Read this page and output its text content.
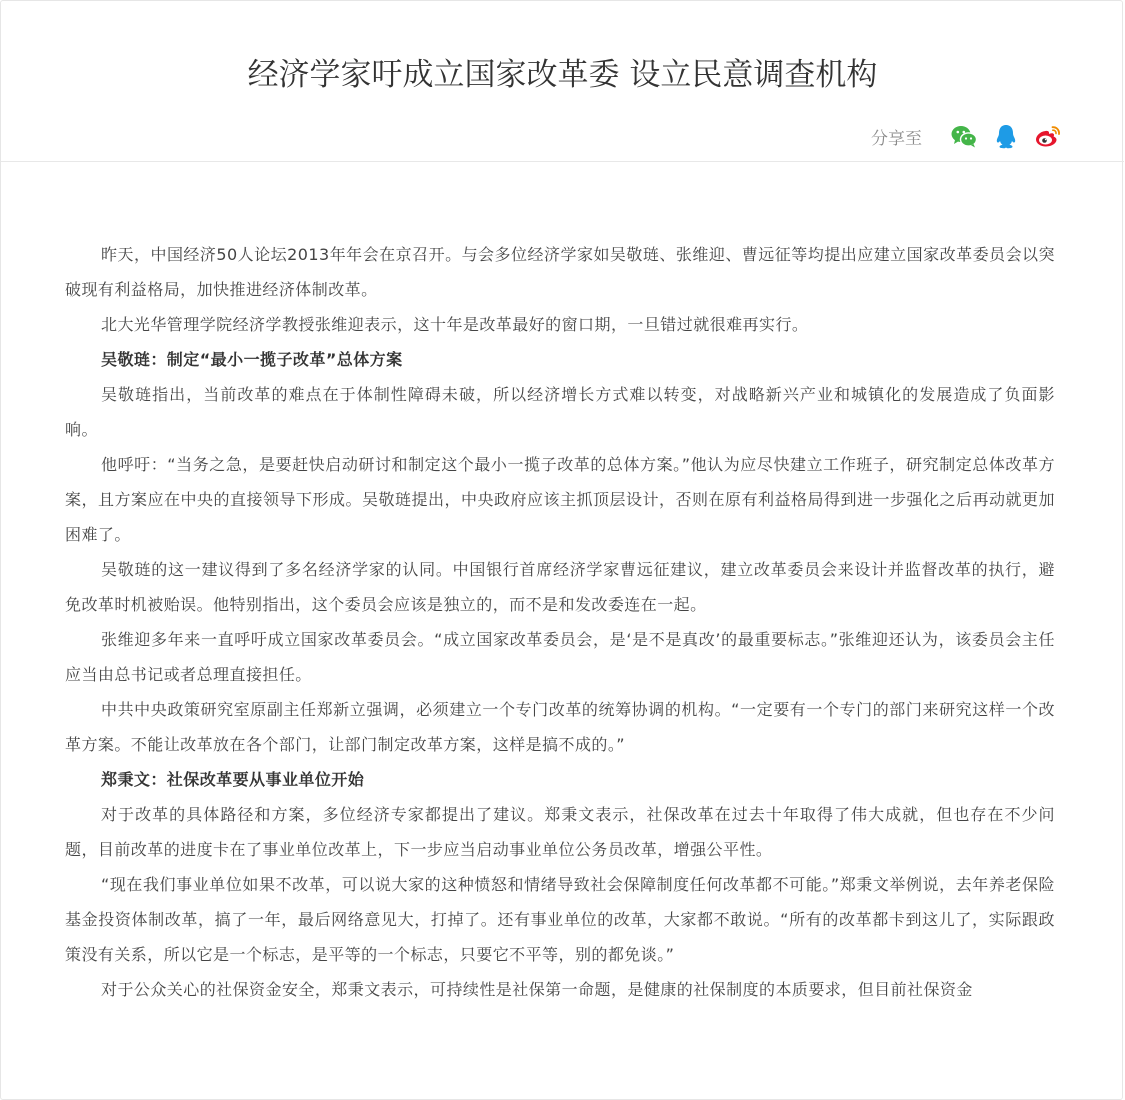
经济学家吁成立国家改革委 设立民意调查机构
分享至

昨天，中国经济50人论坛2013年年会在京召开。与会多位经济学家如吴敬琏、张维迎、曹远征等均提出应建立国家改革委员会以突破现有利益格局，加快推进经济体制改革。

北大光华管理学院经济学教授张维迎表示，这十年是改革最好的窗口期，一旦错过就很难再实行。

吴敬琏：制定“最小一揽子改革”总体方案

吴敬琏指出，当前改革的难点在于体制性障碍未破，所以经济增长方式难以转变，对战略新兴产业和城镇化的发展造成了负面影响。

他呼吁：“当务之急，是要赶快启动研讨和制定这个最小一揽子改革的总体方案。”他认为应尽快建立工作班子，研究制定总体改革方案，且方案应在中央的直接领导下形成。吴敬琏提出，中央政府应该主抓顶层设计，否则在原有利益格局得到进一步强化之后再动就更加困难了。

吴敬琏的这一建议得到了多名经济学家的认同。中国银行首席经济学家曹远征建议，建立改革委员会来设计并监督改革的执行，避免改革时机被贻误。他特别指出，这个委员会应该是独立的，而不是和发改委连在一起。

张维迎多年来一直呼吁成立国家改革委员会。“成立国家改革委员会，是‘是不是真改’的最重要标志。”张维迎还认为，该委员会主任应当由总书记或者总理直接担任。

中共中央政策研究室原副主任郑新立强调，必须建立一个专门改革的统筹协调的机构。“一定要有一个专门的部门来研究这样一个改革方案。不能让改革放在各个部门，让部门制定改革方案，这样是搞不成的。”

郑秉文：社保改革要从事业单位开始

对于改革的具体路径和方案，多位经济专家都提出了建议。郑秉文表示，社保改革在过去十年取得了伟大成就，但也存在不少问题，目前改革的进度卡在了事业单位改革上，下一步应当启动事业单位公务员改革，增强公平性。

“现在我们事业单位如果不改革，可以说大家的这种愤怒和情绪导致社会保障制度任何改革都不可能。”郑秉文举例说，去年养老保险基金投资体制改革，搞了一年，最后网络意见大，打掉了。还有事业单位的改革，大家都不敢说。“所有的改革都卡到这儿了，实际跟政策没有关系，所以它是一个标志，是平等的一个标志，只要它不平等，别的都免谈。”

对于公众关心的社保资金安全，郑秉文表示，可持续性是社保第一命题，是健康的社保制度的本质要求，但目前社保资金
